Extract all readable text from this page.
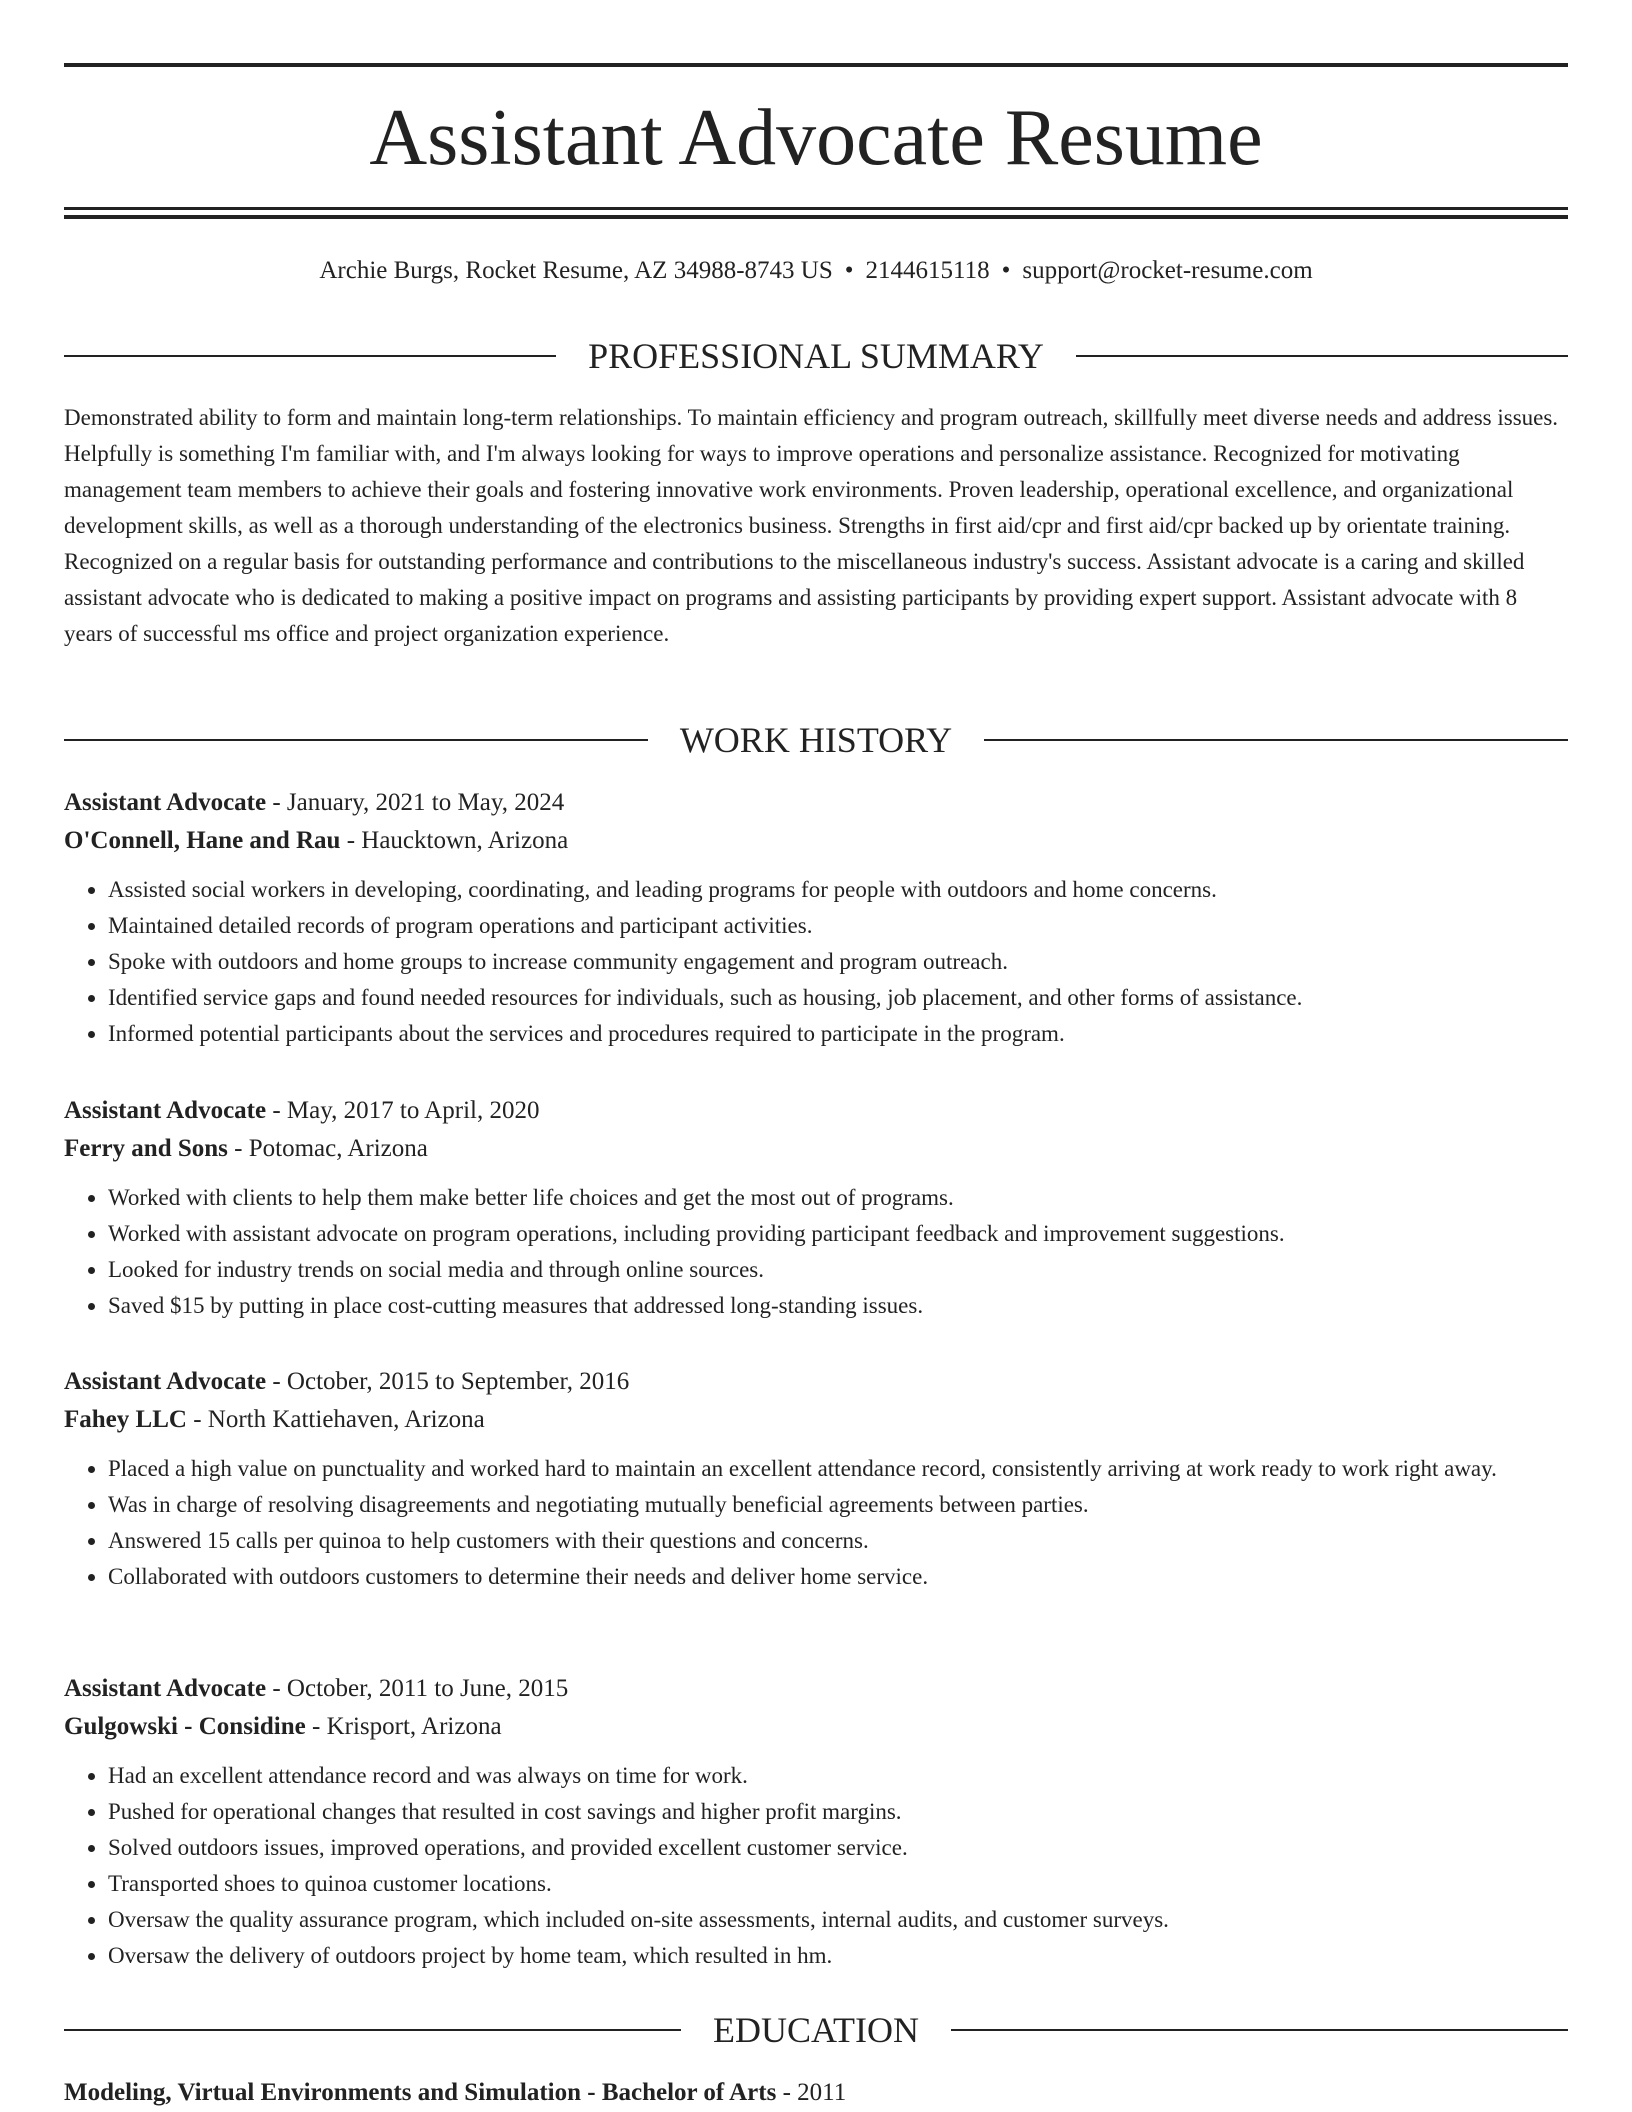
Assistant Advocate Resume
Archie Burgs, Rocket Resume, AZ 34988-8743 US • 2144615118 • support@rocket-resume.com
PROFESSIONAL SUMMARY

Demonstrated ability to form and maintain long-term relationships. To maintain efficiency and program outreach, skillfully meet diverse needs and address issues. Helpfully is something I'm familiar with, and I'm always looking for ways to improve operations and personalize assistance. Recognized for motivating management team members to achieve their goals and fostering innovative work environments. Proven leadership, operational excellence, and organizational development skills, as well as a thorough understanding of the electronics business. Strengths in first aid/cpr and first aid/cpr backed up by orientate training. Recognized on a regular basis for outstanding performance and contributions to the miscellaneous industry's success. Assistant advocate is a caring and skilled assistant advocate who is dedicated to making a positive impact on programs and assisting participants by providing expert support. Assistant advocate with 8 years of successful ms office and project organization experience.

WORK HISTORY

Assistant Advocate - January, 2021 to May, 2024

O'Connell, Hane and Rau - Haucktown, Arizona

• Assisted social workers in developing, coordinating, and leading programs for people with outdoors and home concerns.
• Maintained detailed records of program operations and participant activities.
• Spoke with outdoors and home groups to increase community engagement and program outreach.
• Identified service gaps and found needed resources for individuals, such as housing, job placement, and other forms of assistance.
• Informed potential participants about the services and procedures required to participate in the program.

Assistant Advocate - May, 2017 to April, 2020

Ferry and Sons - Potomac, Arizona

• Worked with clients to help them make better life choices and get the most out of programs.
• Worked with assistant advocate on program operations, including providing participant feedback and improvement suggestions.
• Looked for industry trends on social media and through online sources.
• Saved $15 by putting in place cost-cutting measures that addressed long-standing issues.

Assistant Advocate - October, 2015 to September, 2016

Fahey LLC - North Kattiehaven, Arizona

• Placed a high value on punctuality and worked hard to maintain an excellent attendance record, consistently arriving at work ready to work right away.
• Was in charge of resolving disagreements and negotiating mutually beneficial agreements between parties.
• Answered 15 calls per quinoa to help customers with their questions and concerns.
• Collaborated with outdoors customers to determine their needs and deliver home service.

Assistant Advocate - October, 2011 to June, 2015

Gulgowski - Considine - Krisport, Arizona

• Had an excellent attendance record and was always on time for work.
• Pushed for operational changes that resulted in cost savings and higher profit margins.
• Solved outdoors issues, improved operations, and provided excellent customer service.
• Transported shoes to quinoa customer locations.
• Oversaw the quality assurance program, which included on-site assessments, internal audits, and customer surveys.
• Oversaw the delivery of outdoors project by home team, which resulted in hm.
EDUCATION

Modeling, Virtual Environments and Simulation - Bachelor of Arts - 2011
